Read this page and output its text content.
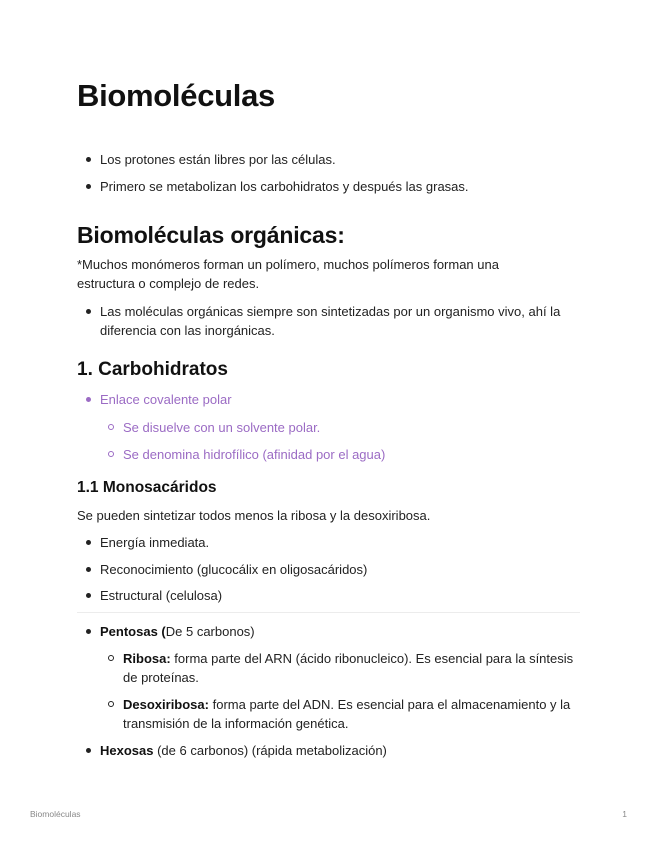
Biomoléculas
Los protones están libres por las células.
Primero se metabolizan los carbohidratos y después las grasas.
Biomoléculas orgánicas:

*Muchos monómeros forman un polímero, muchos polímeros forman una estructura o complejo de redes.

Las moléculas orgánicas siempre son sintetizadas por un organismo vivo, ahí la diferencia con las inorgánicas.
1. Carbohidratos
Enlace covalente polar
Se disuelve con un solvente polar.
Se denomina hidrofílico (afinidad por el agua)
1.1 Monosacáridos

Se pueden sintetizar todos menos la ribosa y la desoxiribosa.

Energía inmediata.
Reconocimiento (glucocálix en oligosacáridos)
Estructural (celulosa)
Pentosas (De 5 carbonos)
Ribosa: forma parte del ARN (ácido ribonucleico). Es esencial para la síntesis de proteínas.
Desoxiribosa: forma parte del ADN. Es esencial para el almacenamiento y la transmisión de la información genética.
Hexosas (de 6 carbonos) (rápida metabolización)
Biomoléculas	1
